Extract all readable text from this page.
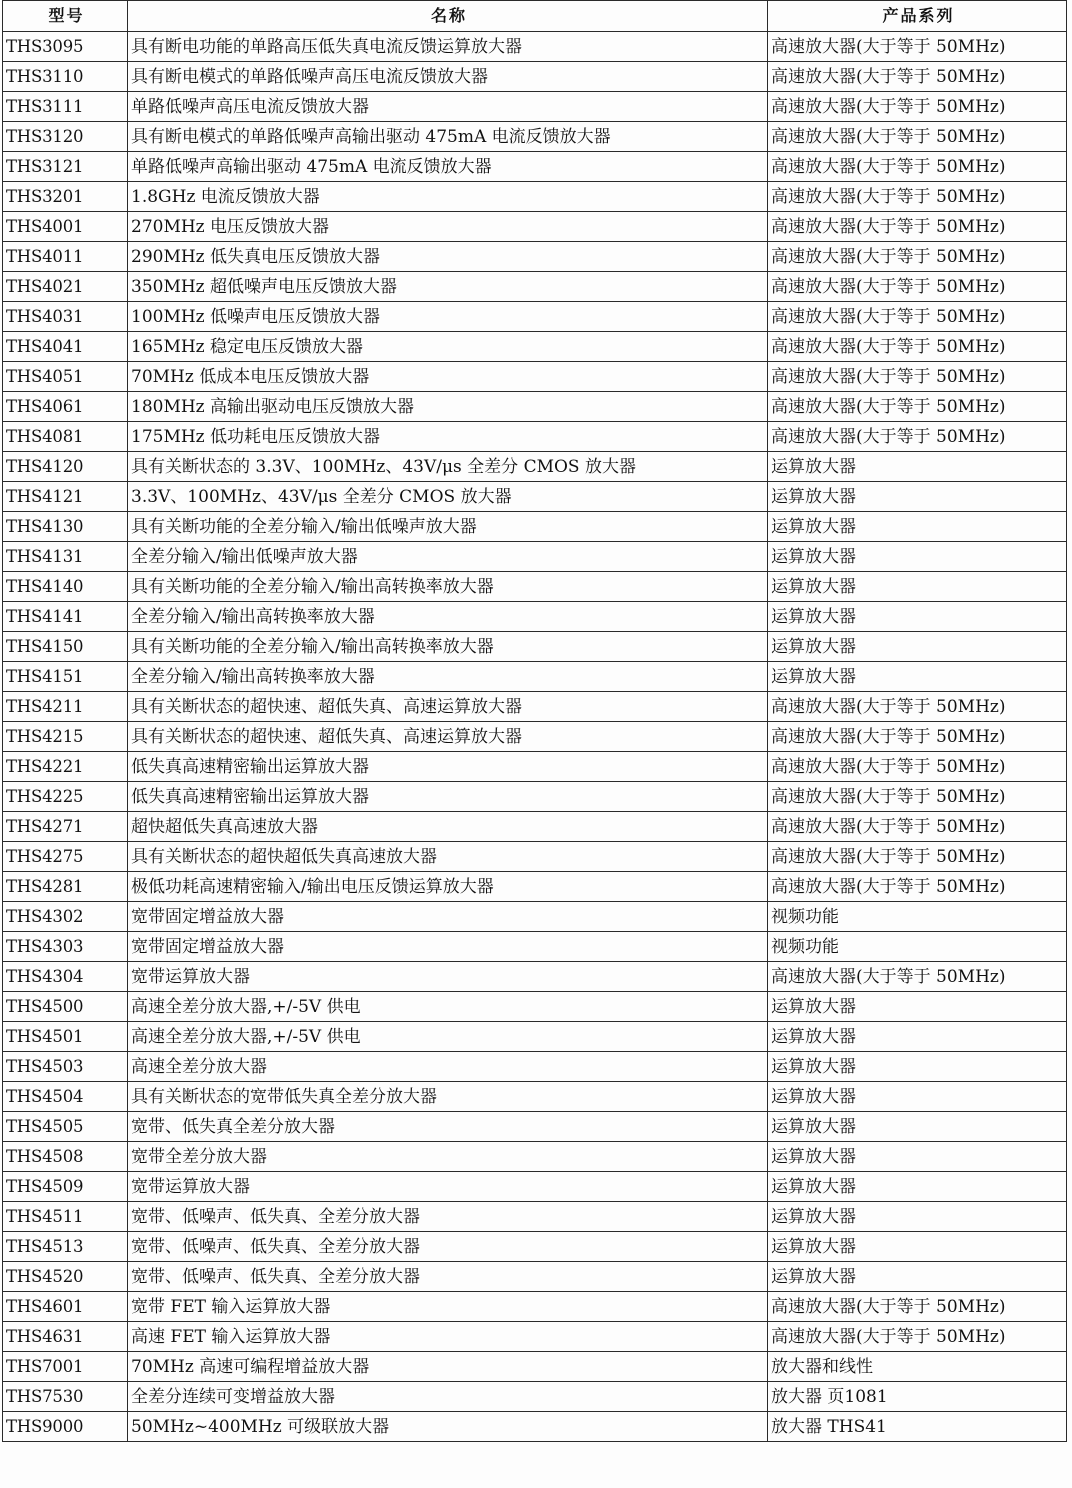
型号	名称	产品系列
THS3095	具有断电功能的单路高压低失真电流反馈运算放大器	高速放大器(大于等于 50MHz)
THS3110	具有断电模式的单路低噪声高压电流反馈放大器	高速放大器(大于等于 50MHz)
THS3111	单路低噪声高压电流反馈放大器	高速放大器(大于等于 50MHz)
THS3120	具有断电模式的单路低噪声高输出驱动 475mA 电流反馈放大器	高速放大器(大于等于 50MHz)
THS3121	单路低噪声高输出驱动 475mA 电流反馈放大器	高速放大器(大于等于 50MHz)
THS3201	1.8GHz 电流反馈放大器	高速放大器(大于等于 50MHz)
THS4001	270MHz 电压反馈放大器	高速放大器(大于等于 50MHz)
THS4011	290MHz 低失真电压反馈放大器	高速放大器(大于等于 50MHz)
THS4021	350MHz 超低噪声电压反馈放大器	高速放大器(大于等于 50MHz)
THS4031	100MHz 低噪声电压反馈放大器	高速放大器(大于等于 50MHz)
THS4041	165MHz 稳定电压反馈放大器	高速放大器(大于等于 50MHz)
THS4051	70MHz 低成本电压反馈放大器	高速放大器(大于等于 50MHz)
THS4061	180MHz 高输出驱动电压反馈放大器	高速放大器(大于等于 50MHz)
THS4081	175MHz 低功耗电压反馈放大器	高速放大器(大于等于 50MHz)
THS4120	具有关断状态的 3.3V、100MHz、43V/μs 全差分 CMOS 放大器	运算放大器
THS4121	3.3V、100MHz、43V/μs 全差分 CMOS 放大器	运算放大器
THS4130	具有关断功能的全差分输入/输出低噪声放大器	运算放大器
THS4131	全差分输入/输出低噪声放大器	运算放大器
THS4140	具有关断功能的全差分输入/输出高转换率放大器	运算放大器
THS4141	全差分输入/输出高转换率放大器	运算放大器
THS4150	具有关断功能的全差分输入/输出高转换率放大器	运算放大器
THS4151	全差分输入/输出高转换率放大器	运算放大器
THS4211	具有关断状态的超快速、超低失真、高速运算放大器	高速放大器(大于等于 50MHz)
THS4215	具有关断状态的超快速、超低失真、高速运算放大器	高速放大器(大于等于 50MHz)
THS4221	低失真高速精密输出运算放大器	高速放大器(大于等于 50MHz)
THS4225	低失真高速精密输出运算放大器	高速放大器(大于等于 50MHz)
THS4271	超快超低失真高速放大器	高速放大器(大于等于 50MHz)
THS4275	具有关断状态的超快超低失真高速放大器	高速放大器(大于等于 50MHz)
THS4281	极低功耗高速精密输入/输出电压反馈运算放大器	高速放大器(大于等于 50MHz)
THS4302	宽带固定增益放大器	视频功能
THS4303	宽带固定增益放大器	视频功能
THS4304	宽带运算放大器	高速放大器(大于等于 50MHz)
THS4500	高速全差分放大器,+/-5V 供电	运算放大器
THS4501	高速全差分放大器,+/-5V 供电	运算放大器
THS4503	高速全差分放大器	运算放大器
THS4504	具有关断状态的宽带低失真全差分放大器	运算放大器
THS4505	宽带、低失真全差分放大器	运算放大器
THS4508	宽带全差分放大器	运算放大器
THS4509	宽带运算放大器	运算放大器
THS4511	宽带、低噪声、低失真、全差分放大器	运算放大器
THS4513	宽带、低噪声、低失真、全差分放大器	运算放大器
THS4520	宽带、低噪声、低失真、全差分放大器	运算放大器
THS4601	宽带 FET 输入运算放大器	高速放大器(大于等于 50MHz)
THS4631	高速 FET 输入运算放大器	高速放大器(大于等于 50MHz)
THS7001	70MHz 高速可编程增益放大器	放大器和线性
THS7530	全差分连续可变增益放大器	放大器 页1081
THS9000	50MHz~400MHz 可级联放大器	放大器 THS41
